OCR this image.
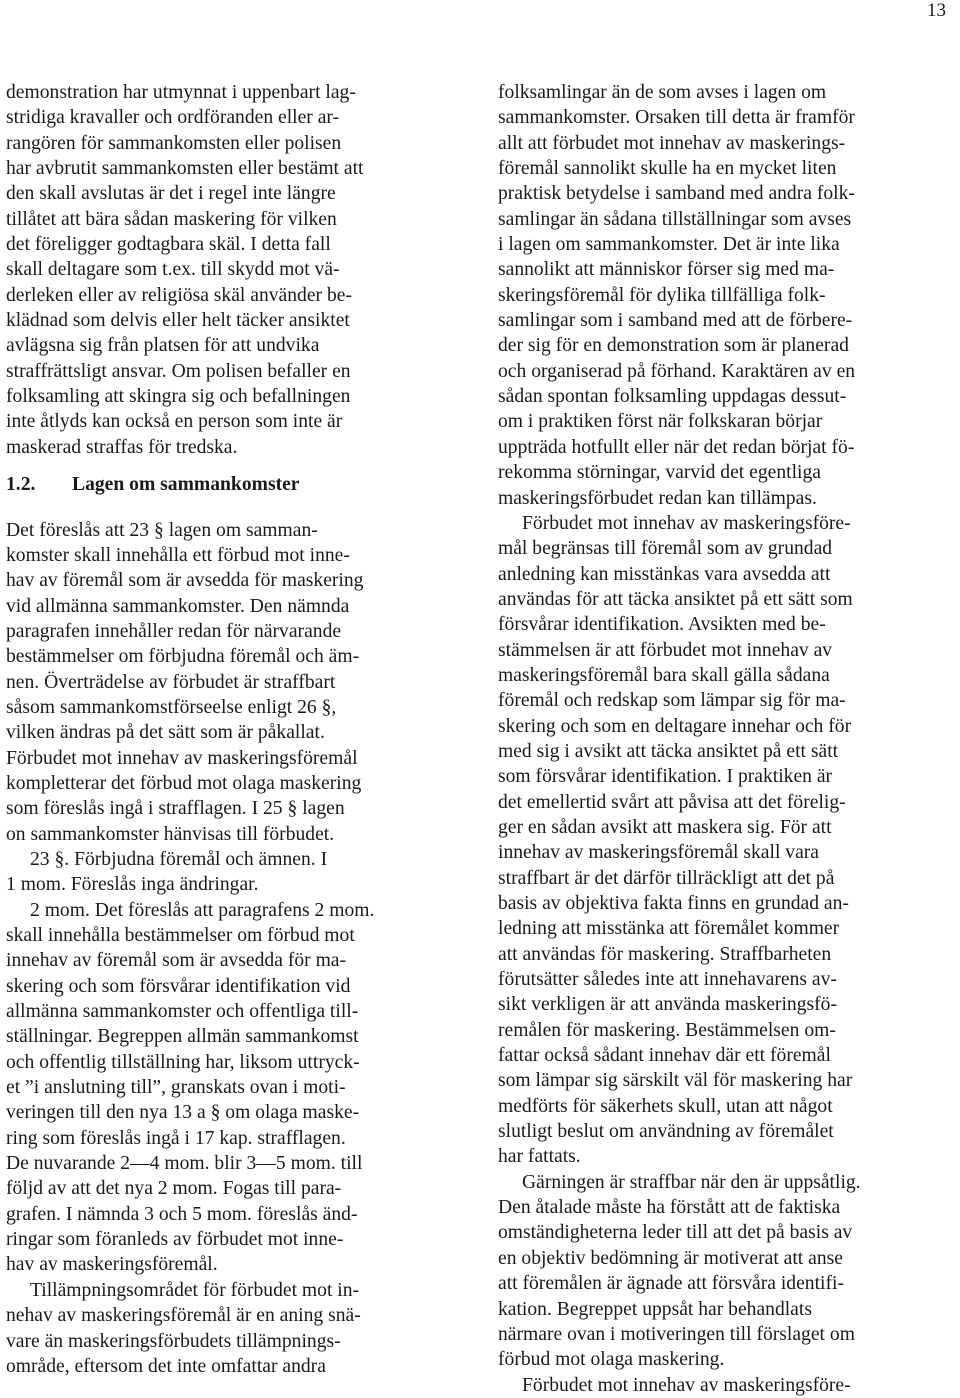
13
demonstration har utmynnat i uppenbart lag-
stridiga kravaller och ordföranden eller ar-
rangören för sammankomsten eller polisen
har avbrutit sammankomsten eller bestämt att
den skall avslutas är det i regel inte längre
tillåtet att bära sådan maskering för vilken
det föreligger godtagbara skäl. I detta fall
skall deltagare som t.ex. till skydd mot vä-
derleken eller av religiösa skäl använder be-
klädnad som delvis eller helt täcker ansiktet
avlägsna sig från platsen för att undvika
straffrättsligt ansvar. Om polisen befaller en
folksamling att skingra sig och befallningen
inte åtlyds kan också en person som inte är
maskerad straffas för tredska.
1.2. Lagen om sammankomster
Det föreslås att 23 § lagen om samman-
komster skall innehålla ett förbud mot inne-
hav av föremål som är avsedda för maskering
vid allmänna sammankomster. Den nämnda
paragrafen innehåller redan för närvarande
bestämmelser om förbjudna föremål och äm-
nen. Överträdelse av förbudet är straffbart
såsom sammankomstförseelse enligt 26 §,
vilken ändras på det sätt som är påkallat.
Förbudet mot innehav av maskeringsföremål
kompletterar det förbud mot olaga maskering
som föreslås ingå i strafflagen. I 25 § lagen
on sammankomster hänvisas till förbudet.
23 §. Förbjudna föremål och ämnen. I
1 mom. Föreslås inga ändringar.
2 mom. Det föreslås att paragrafens 2 mom.
skall innehålla bestämmelser om förbud mot
innehav av föremål som är avsedda för ma-
skering och som försvårar identifikation vid
allmänna sammankomster och offentliga till-
ställningar. Begreppen allmän sammankomst
och offentlig tillställning har, liksom uttryck-
et ”i anslutning till”, granskats ovan i moti-
veringen till den nya 13 a § om olaga maske-
ring som föreslås ingå i 17 kap. strafflagen.
De nuvarande 2—4 mom. blir 3—5 mom. till
följd av att det nya 2 mom. Fogas till para-
grafen. I nämnda 3 och 5 mom. föreslås änd-
ringar som föranleds av förbudet mot inne-
hav av maskeringsföremål.
Tillämpningsområdet för förbudet mot in-
nehav av maskeringsföremål är en aning snä-
vare än maskeringsförbudets tillämpnings-
område, eftersom det inte omfattar andra
folksamlingar än de som avses i lagen om
sammankomster. Orsaken till detta är framför
allt att förbudet mot innehav av maskerings-
föremål sannolikt skulle ha en mycket liten
praktisk betydelse i samband med andra folk-
samlingar än sådana tillställningar som avses
i lagen om sammankomster. Det är inte lika
sannolikt att människor förser sig med ma-
skeringsföremål för dylika tillfälliga folk-
samlingar som i samband med att de förbere-
der sig för en demonstration som är planerad
och organiserad på förhand. Karaktären av en
sådan spontan folksamling uppdagas dessut-
om i praktiken först när folkskaran börjar
uppträda hotfullt eller när det redan börjat fö-
rekomma störningar, varvid det egentliga
maskeringsförbudet redan kan tillämpas.
Förbudet mot innehav av maskeringsföre-
mål begränsas till föremål som av grundad
anledning kan misstänkas vara avsedda att
användas för att täcka ansiktet på ett sätt som
försvårar identifikation. Avsikten med be-
stämmelsen är att förbudet mot innehav av
maskeringsföremål bara skall gälla sådana
föremål och redskap som lämpar sig för ma-
skering och som en deltagare innehar och för
med sig i avsikt att täcka ansiktet på ett sätt
som försvårar identifikation. I praktiken är
det emellertid svårt att påvisa att det förelig-
ger en sådan avsikt att maskera sig. För att
innehav av maskeringsföremål skall vara
straffbart är det därför tillräckligt att det på
basis av objektiva fakta finns en grundad an-
ledning att misstänka att föremålet kommer
att användas för maskering. Straffbarheten
förutsätter således inte att innehavarens av-
sikt verkligen är att använda maskeringsfö-
remålen för maskering. Bestämmelsen om-
fattar också sådant innehav där ett föremål
som lämpar sig särskilt väl för maskering har
medförts för säkerhets skull, utan att något
slutligt beslut om användning av föremålet
har fattats.
Gärningen är straffbar när den är uppsåtlig.
Den åtalade måste ha förstått att de faktiska
omständigheterna leder till att det på basis av
en objektiv bedömning är motiverat att anse
att föremålen är ägnade att försvåra identifi-
kation. Begreppet uppsåt har behandlats
närmare ovan i motiveringen till förslaget om
förbud mot olaga maskering.
Förbudet mot innehav av maskeringsföre-
